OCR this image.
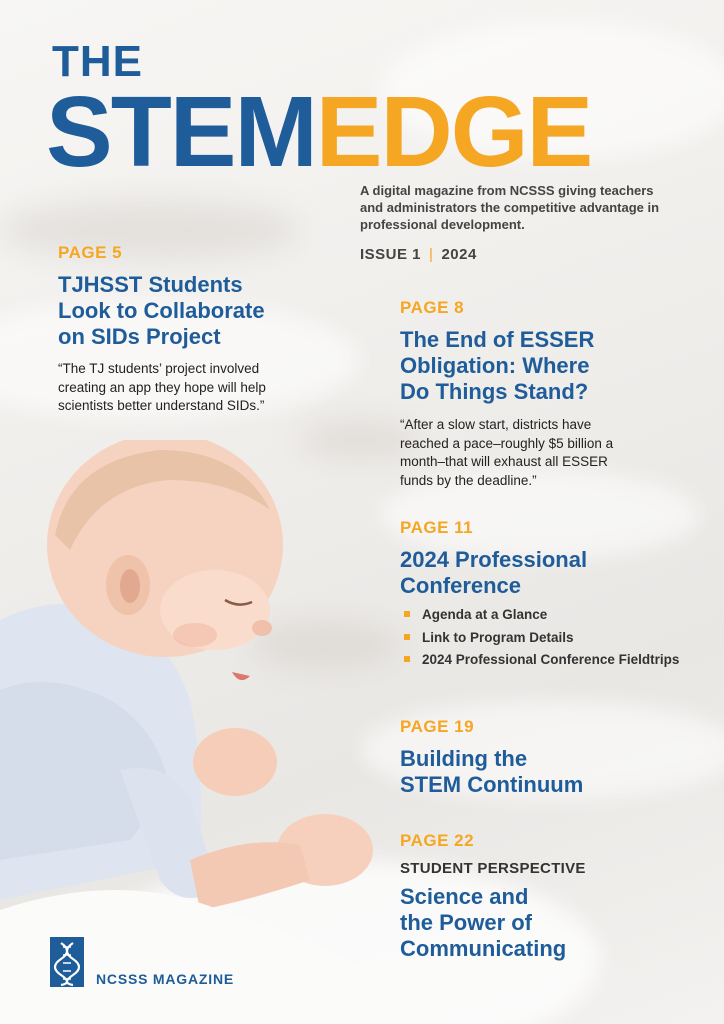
THE
STEMEDGE
A digital magazine from NCSSS giving teachers and administrators the competitive advantage in professional development.
ISSUE 1 | 2024
PAGE 5
TJHSST Students
Look to Collaborate
on SIDs Project
“The TJ students’ project involved
creating an app they hope will help
scientists better understand SIDs.”
PAGE 8
The End of ESSER
Obligation: Where
Do Things Stand?
“After a slow start, districts have
reached a pace–roughly $5 billion a
month–that will exhaust all ESSER
funds by the deadline.”
PAGE 11
2024 Professional
Conference
Agenda at a Glance
Link to Program Details
2024 Professional Conference Fieldtrips
PAGE 19
Building the
STEM Continuum
PAGE 22
STUDENT PERSPECTIVE
Science and
the Power of
Communicating
NCSSS MAGAZINE
